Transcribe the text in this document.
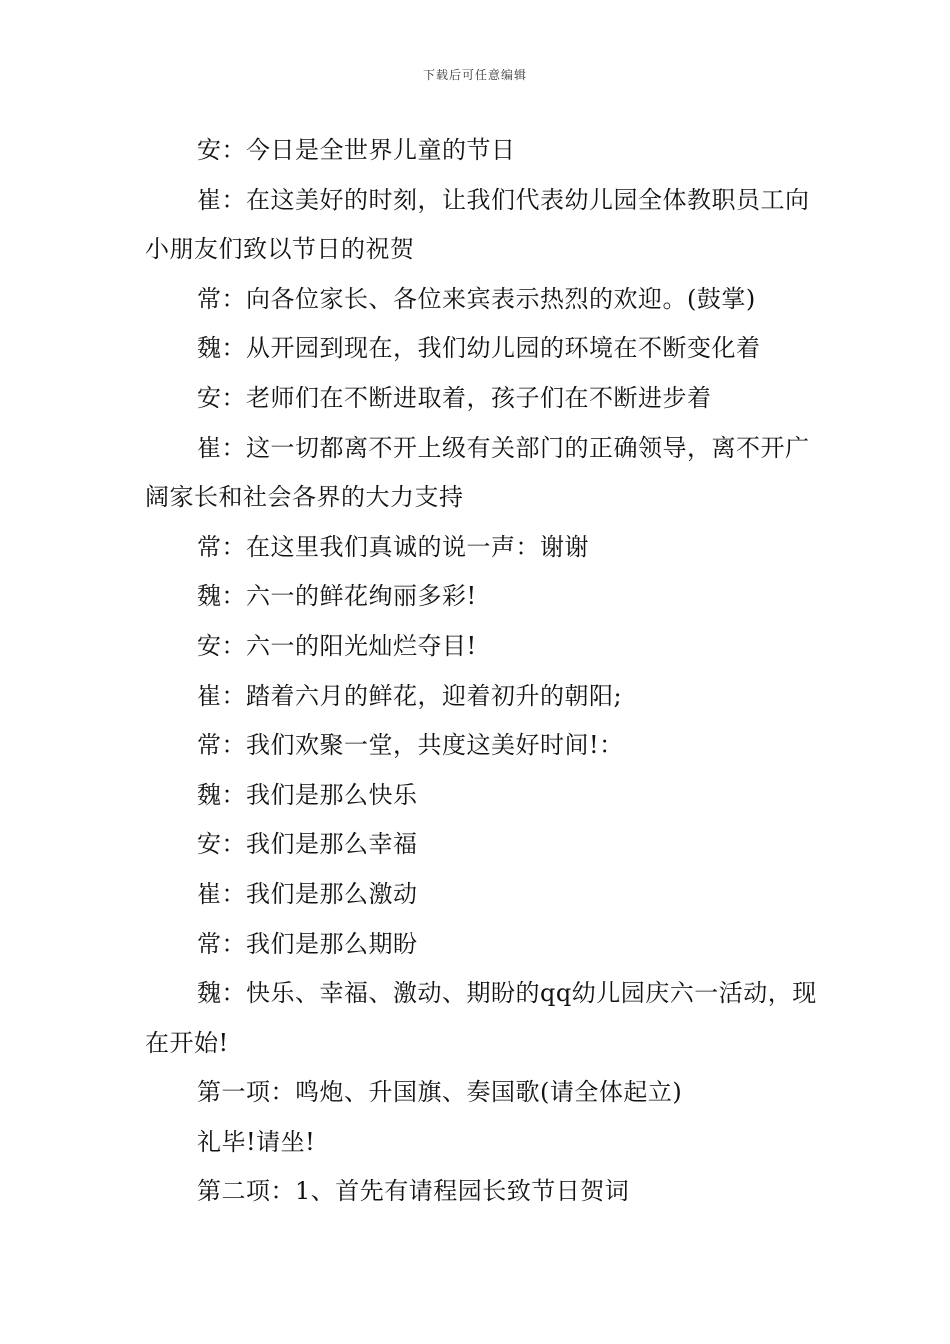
下载后可任意编辑

安：今日是全世界儿童的节日

崔：在这美好的时刻，让我们代表幼儿园全体教职员工向小朋友们致以节日的祝贺

常：向各位家长、各位来宾表示热烈的欢迎。(鼓掌)

魏：从开园到现在，我们幼儿园的环境在不断变化着

安：老师们在不断进取着，孩子们在不断进步着

崔：这一切都离不开上级有关部门的正确领导，离不开广阔家长和社会各界的大力支持

常：在这里我们真诚的说一声：谢谢

魏：六一的鲜花绚丽多彩!

安：六一的阳光灿烂夺目!

崔：踏着六月的鲜花，迎着初升的朝阳;

常：我们欢聚一堂，共度这美好时间!：

魏：我们是那么快乐

安：我们是那么幸福

崔：我们是那么激动

常：我们是那么期盼

魏：快乐、幸福、激动、期盼的qq幼儿园庆六一活动，现在开始!

第一项：鸣炮、升国旗、奏国歌(请全体起立)

礼毕!请坐!

第二项：1、首先有请程园长致节日贺词
